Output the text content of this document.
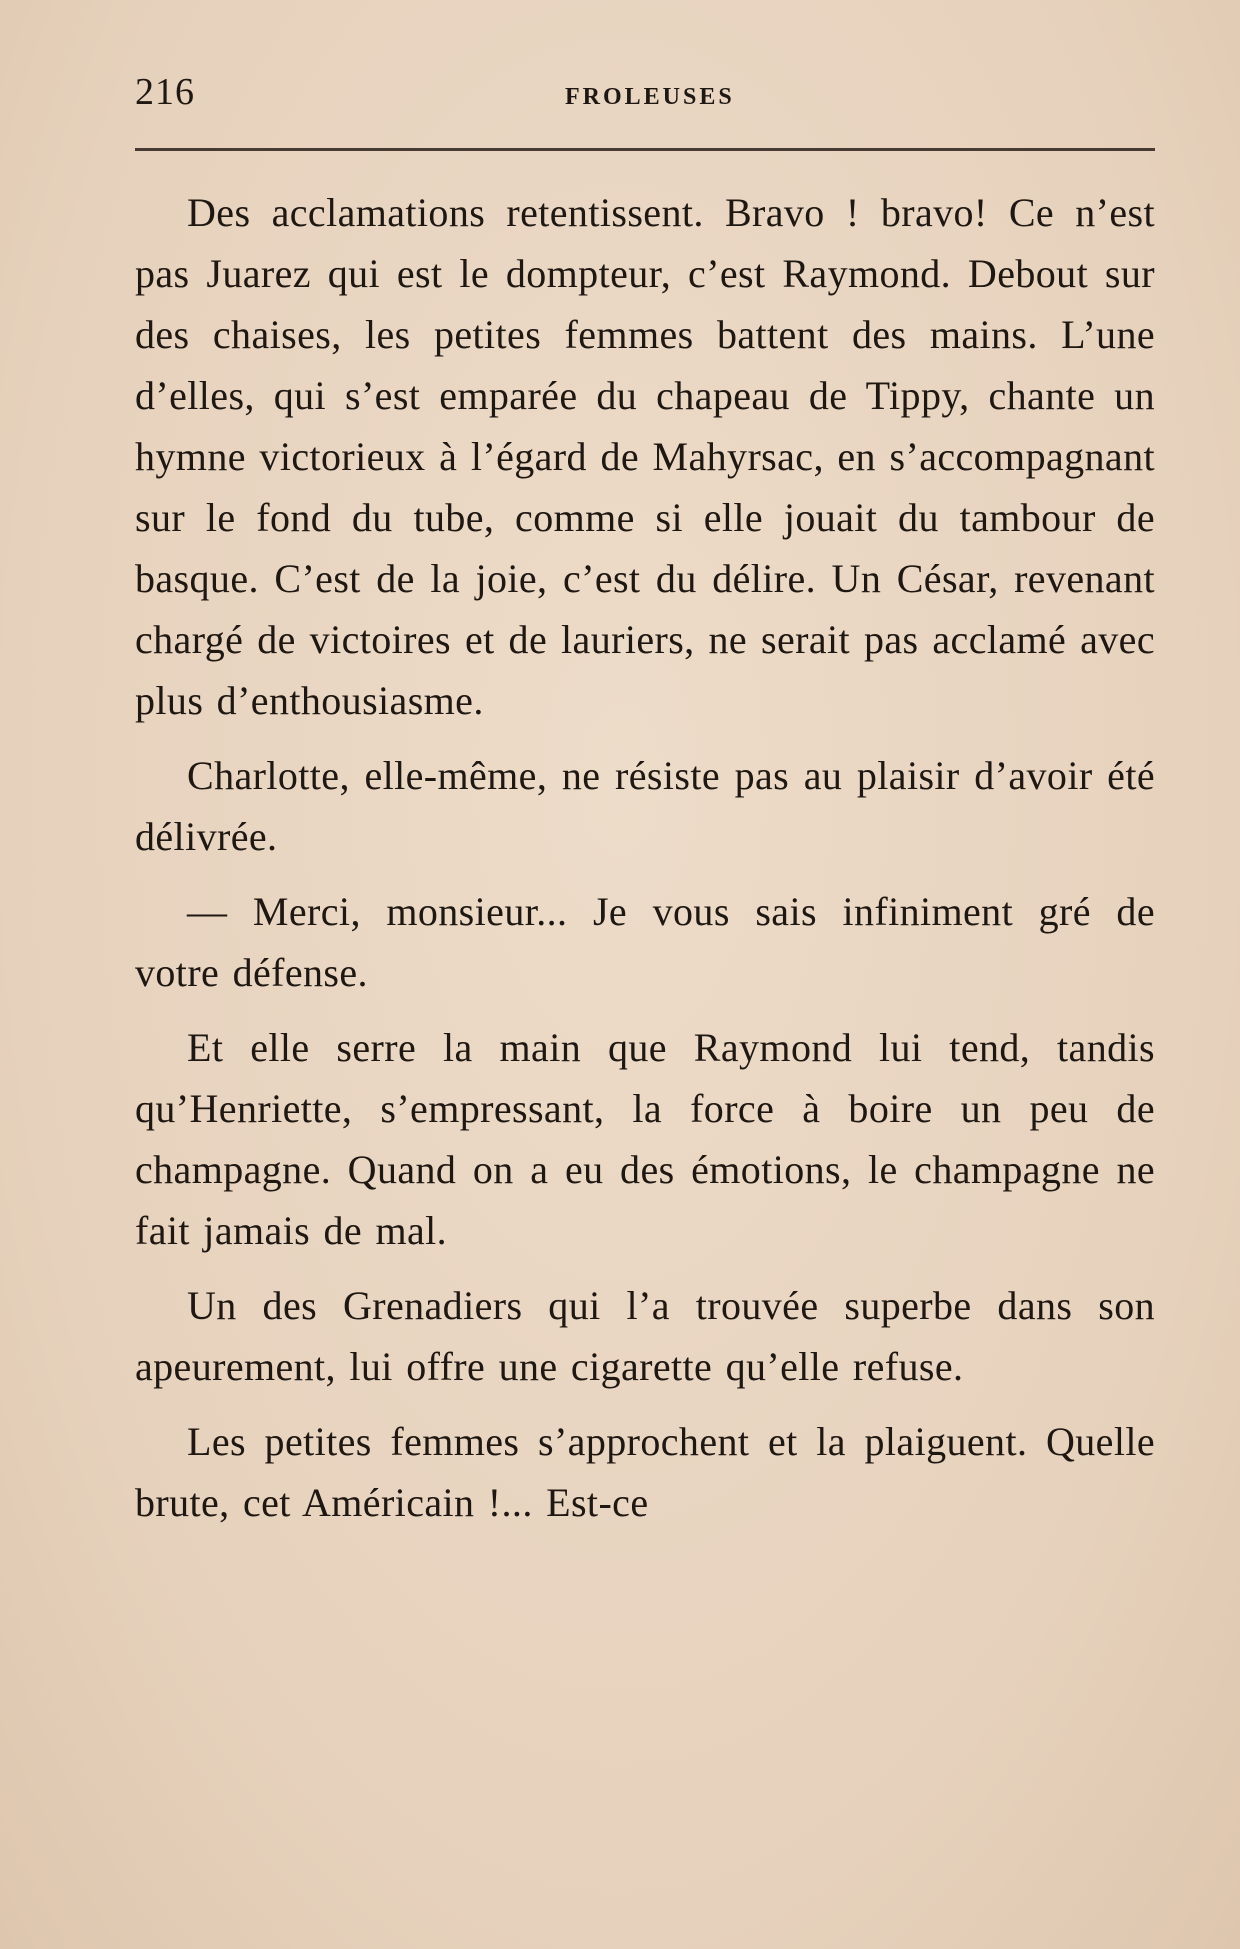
216	FROLEUSES

Des acclamations retentissent. Bravo ! bravo! Ce n’est pas Juarez qui est le dompteur, c’est Raymond. Debout sur des chaises, les petites femmes battent des mains. L’une d’elles, qui s’est emparée du chapeau de Tippy, chante un hymne victorieux à l’égard de Mahyrsac, en s’accompagnant sur le fond du tube, comme si elle jouait du tambour de basque. C’est de la joie, c’est du délire. Un César, revenant chargé de victoires et de lauriers, ne serait pas acclamé avec plus d’enthousiasme.

Charlotte, elle-même, ne résiste pas au plaisir d’avoir été délivrée.

— Merci, monsieur... Je vous sais infiniment gré de votre défense.

Et elle serre la main que Raymond lui tend, tandis qu’Henriette, s’empressant, la force à boire un peu de champagne. Quand on a eu des émotions, le champagne ne fait jamais de mal.

Un des Grenadiers qui l’a trouvée superbe dans son apeurement, lui offre une cigarette qu’elle refuse.

Les petites femmes s’approchent et la plaiguent. Quelle brute, cet Américain !... Est-ce
